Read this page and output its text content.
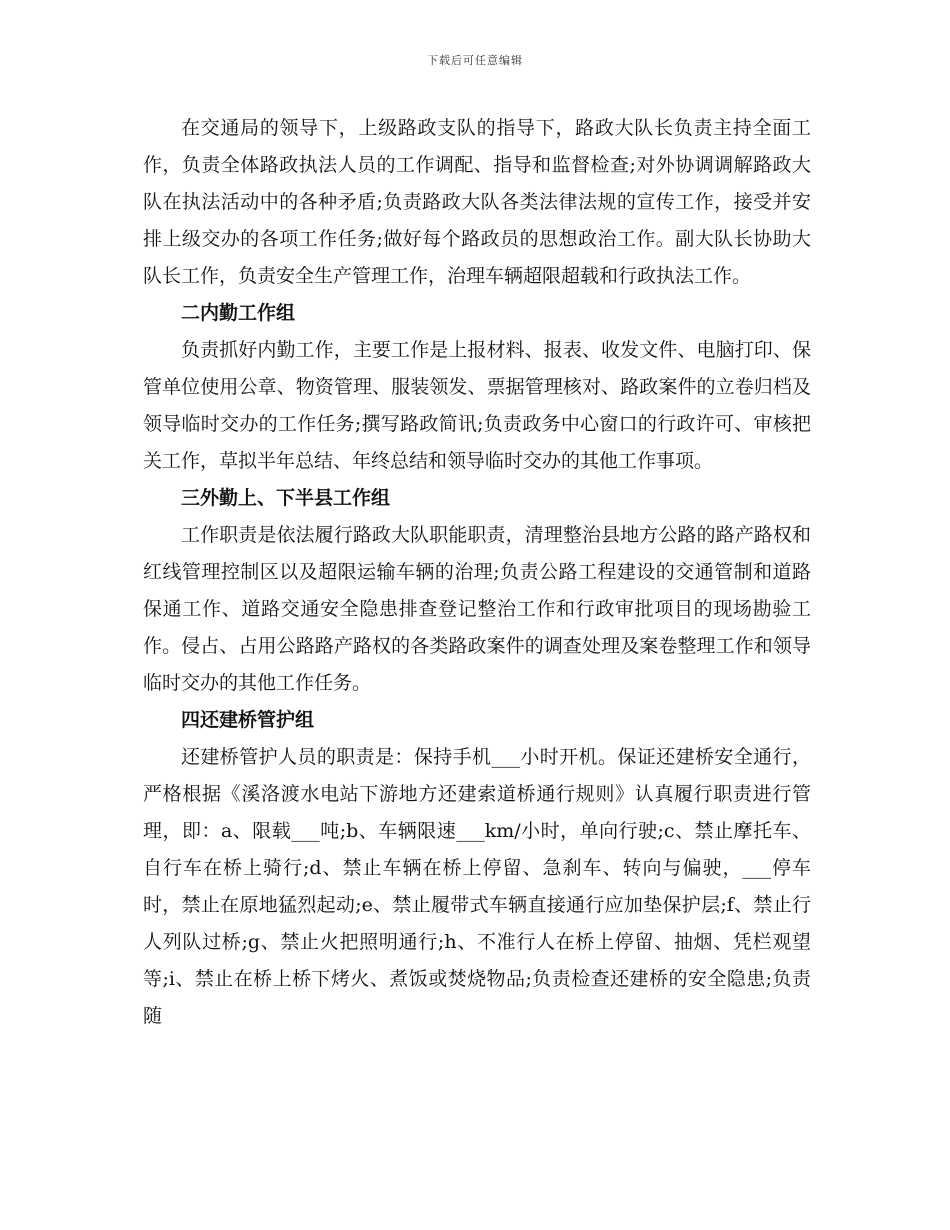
下载后可任意编辑

在交通局的领导下，上级路政支队的指导下，路政大队长负责主持全面工作，负责全体路政执法人员的工作调配、指导和监督检查;对外协调调解路政大队在执法活动中的各种矛盾;负责路政大队各类法律法规的宣传工作，接受并安排上级交办的各项工作任务;做好每个路政员的思想政治工作。副大队长协助大队长工作，负责安全生产管理工作，治理车辆超限超载和行政执法工作。

二内勤工作组

负责抓好内勤工作，主要工作是上报材料、报表、收发文件、电脑打印、保管单位使用公章、物资管理、服装领发、票据管理核对、路政案件的立卷归档及领导临时交办的工作任务;撰写路政简讯;负责政务中心窗口的行政许可、审核把关工作，草拟半年总结、年终总结和领导临时交办的其他工作事项。

三外勤上、下半县工作组

工作职责是依法履行路政大队职能职责，清理整治县地方公路的路产路权和红线管理控制区以及超限运输车辆的治理;负责公路工程建设的交通管制和道路保通工作、道路交通安全隐患排查登记整治工作和行政审批项目的现场勘验工作。侵占、占用公路路产路权的各类路政案件的调查处理及案卷整理工作和领导临时交办的其他工作任务。

四还建桥管护组

还建桥管护人员的职责是：保持手机___小时开机。保证还建桥安全通行，严格根据《溪洛渡水电站下游地方还建索道桥通行规则》认真履行职责进行管理，即：a、限载___吨;b、车辆限速___km/小时，单向行驶;c、禁止摩托车、自行车在桥上骑行;d、禁止车辆在桥上停留、急刹车、转向与偏驶，___停车时，禁止在原地猛烈起动;e、禁止履带式车辆直接通行应加垫保护层;f、禁止行人列队过桥;g、禁止火把照明通行;h、不准行人在桥上停留、抽烟、凭栏观望等;i、禁止在桥上桥下烤火、煮饭或焚烧物品;负责检查还建桥的安全隐患;负责随
